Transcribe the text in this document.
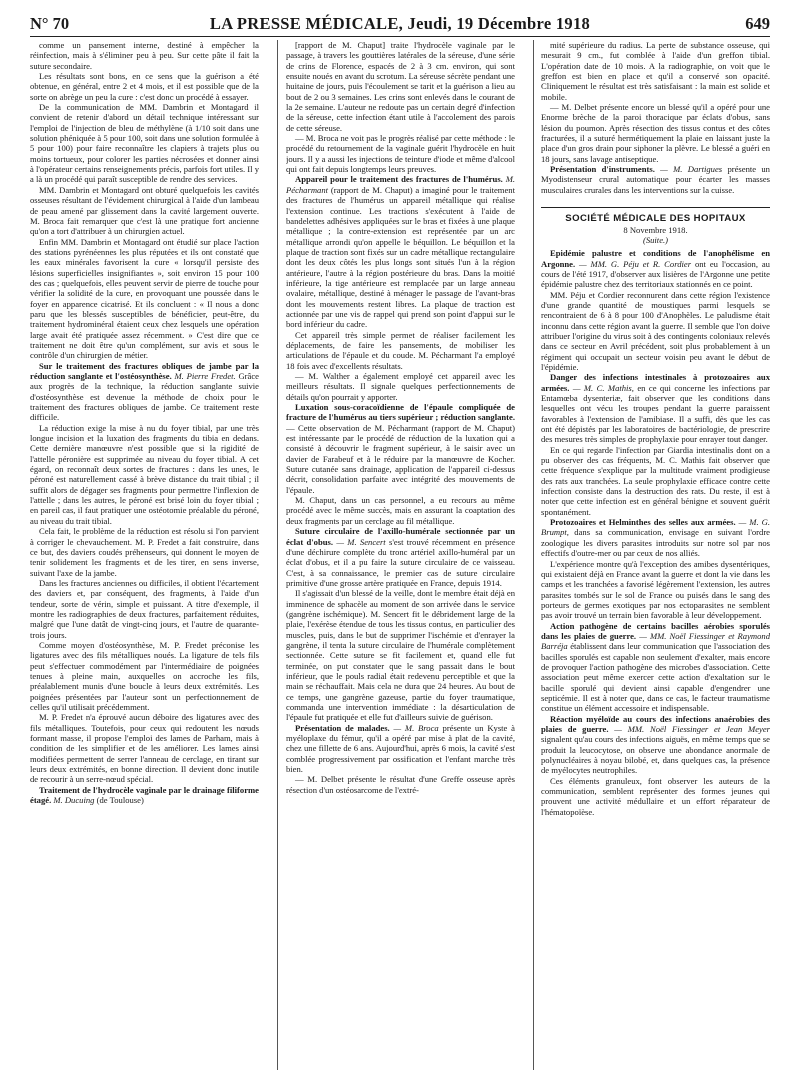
N° 70	LA PRESSE MÉDICALE, Jeudi, 19 Décembre 1918	649

comme un pansement interne, destiné à empêcher la réinfection, mais à s'éliminer peu à peu. Sur cette pâte il fait la suture secondaire.

Les résultats sont bons, en ce sens que la guérison a été obtenue, en général, entre 2 et 4 mois, et il est possible que de la sorte on abrège un peu la cure : c'est donc un procédé à essayer.

De la communication de MM. Dambrin et Montagard il convient de retenir d'abord un détail technique intéressant sur l'emploi de l'injection de bleu de méthylène (à 1/10 soit dans une solution phéniquée à 5 pour 100, soit dans une solution formulée à 5 pour 100) pour faire reconnaître les clapiers à trajets plus ou moins tortueux, pour colorer les parties nécrosées et donner ainsi à l'opérateur certains renseignements précis, parfois fort utiles. Il y a là un procédé qui paraît susceptible de rendre des services.

MM. Dambrin et Montagard ont obturé quelquefois les cavités osseuses résultant de l'évidement chirurgical à l'aide d'un lambeau de peau amené par glissement dans la cavité largement ouverte. M. Broca fait remarquer que c'est là une pratique fort ancienne qu'on a tort d'attribuer à un chirurgien actuel.

Enfin MM. Dambrin et Montagard ont étudié sur place l'action des stations pyrénéennes les plus réputées et ils ont constaté que les eaux minérales favorisent la cure « lorsqu'il persiste des lésions superficielles insignifiantes », soit environ 15 pour 100 des cas ; quelquefois, elles peuvent servir de pierre de touche pour vérifier la solidité de la cure, en provoquant une poussée dans le foyer en apparence cicatrisé. Et ils concluent : « Il nous a donc paru que les blessés susceptibles de bénéficier, peut-être, du traitement hydrominéral étaient ceux chez lesquels une opération large avait été pratiquée assez récemment. » C'est dire que ce traitement ne doit être qu'un complément, sur avis et sous le contrôle d'un chirurgien de métier.

Sur le traitement des fractures obliques de jambe par la réduction sanglante et l'ostéosynthèse. M. Pierre Fredet. Grâce aux progrès de la technique, la réduction sanglante suivie d'ostéosynthèse est devenue la méthode de choix pour le traitement des fractures obliques de jambe. Ce traitement reste difficile.

La réduction exige la mise à nu du foyer tibial, par une très longue incision et la luxation des fragments du tibia en dedans. Cette dernière manœuvre n'est possible que si la rigidité de l'attelle péronière est supprimée au niveau du foyer tibial. A cet égard, on reconnaît deux sortes de fractures : dans les unes, le péroné est naturellement cassé à brève distance du trait tibial ; il suffit alors de dégager ses fragments pour permettre l'inflexion de l'attelle ; dans les autres, le péroné est brisé loin du foyer tibial ; en pareil cas, il faut pratiquer une ostéotomie préalable du péroné, au niveau du trait tibial.

Cela fait, le problème de la réduction est résolu si l'on parvient à corriger le chevauchement. M. P. Fredet a fait construire, dans ce but, des daviers coudés préhenseurs, qui donnent le moyen de tenir solidement les fragments et de les tirer, en sens inverse, suivant l'axe de la jambe.

Dans les fractures anciennes ou difficiles, il obtient l'écartement des daviers et, par conséquent, des fragments, à l'aide d'un tendeur, sorte de vérin, simple et puissant. A titre d'exemple, il montre les radiographies de deux fractures, parfaitement réduites, malgré que l'une datât de vingt-cinq jours, et l'autre de quarante-trois jours.

Comme moyen d'ostéosynthèse, M. P. Fredet préconise les ligatures avec des fils métalliques noués. La ligature de tels fils peut s'effectuer commodément par l'intermédiaire de poignées tenues à pleine main, auxquelles on accroche les fils, préalablement munis d'une boucle à leurs deux extrémités. Les poignées présentées par l'auteur sont un perfectionnement de celles qu'il utilisait précédemment.

M. P. Fredet n'a éprouvé aucun déboire des ligatures avec des fils métalliques. Toutefois, pour ceux qui redoutent les nœuds formant masse, il propose l'emploi des lames de Parham, mais à condition de les simplifier et de les améliorer. Les lames ainsi modifiées permettent de serrer l'anneau de cerclage, en tirant sur leurs deux extrémités, en bonne direction. Il devient donc inutile de recourir à un serre-nœud spécial.

Traitement de l'hydrocèle vaginale par le drainage filiforme étagé. M. Ducuing (de Toulouse)

[rapport de M. Chaput] traite l'hydrocèle vaginale par le passage, à travers les gouttières latérales de la séreuse, d'une série de crins de Florence, espacés de 2 à 3 cm. environ, qui sont ensuite noués en avant du scrotum. La séreuse sécrète pendant une huitaine de jours, puis l'écoulement se tarit et la guérison a lieu au bout de 2 ou 3 semaines. Les crins sont enlevés dans le courant de la 2e semaine. L'auteur ne redoute pas un certain degré d'infection de la séreuse, cette infection étant utile à l'accolement des parois de cette séreuse.

— M. Broca ne voit pas le progrès réalisé par cette méthode : le procédé du retournement de la vaginale guérit l'hydrocèle en huit jours. Il y a aussi les injections de teinture d'iode et même d'alcool qui ont fait depuis longtemps leurs preuves.

Appareil pour le traitement des fractures de l'humérus. M. Pécharmant (rapport de M. Chaput) a imaginé pour le traitement des fractures de l'humérus un appareil métallique qui réalise l'extension continue. Les tractions s'exécutent à l'aide de bandelettes adhésives appliquées sur le bras et fixées à une plaque métallique ; la contre-extension est représentée par un arc métallique arrondi qu'on appelle le béquillon. Le béquillon et la plaque de traction sont fixés sur un cadre métallique rectangulaire dont les deux côtés les plus longs sont situés l'un à la région antérieure, l'autre à la région postérieure du bras. Dans la moitié inférieure, la tige antérieure est remplacée par un large anneau ovalaire, métallique, destiné à ménager le passage de l'avant-bras dont les mouvements restent libres. La plaque de traction est actionnée par une vis de rappel qui prend son point d'appui sur le bord inférieur du cadre.

Cet appareil très simple permet de réaliser facilement les déplacements, de faire les pansements, de mobiliser les articulations de l'épaule et du coude. M. Pécharmant l'a employé 18 fois avec d'excellents résultats.

— M. Walther a également employé cet appareil avec les meilleurs résultats. Il signale quelques perfectionnements de détails qu'on pourrait y apporter.

Luxation sous-coracoïdienne de l'épaule compliquée de fracture de l'humérus au tiers supérieur ; réduction sanglante. — Cette observation de M. Pécharmant (rapport de M. Chaput) est intéressante par le procédé de réduction de la luxation qui a consisté à découvrir le fragment supérieur, à le saisir avec un davier de Farabeuf et à le réduire par la manœuvre de Kocher. Suture cutanée sans drainage, application de l'appareil ci-dessus décrit, consolidation parfaite avec intégrité des mouvements de l'épaule.

M. Chaput, dans un cas personnel, a eu recours au même procédé avec le même succès, mais en assurant la coaptation des deux fragments par un cerclage au fil métallique.

Suture circulaire de l'axillo-humérale sectionnée par un éclat d'obus. — M. Sencert s'est trouvé récemment en présence d'une déchirure complète du tronc artériel axillo-huméral par un éclat d'obus, et il a pu faire la suture circulaire de ce vaisseau. C'est, à sa connaissance, le premier cas de suture circulaire primitive d'une grosse artère pratiquée en France, depuis 1914.

Il s'agissait d'un blessé de la veille, dont le membre était déjà en imminence de sphacèle au moment de son arrivée dans le service (gangrène ischémique). M. Sencert fit le débridement large de la plaie, l'exérèse étendue de tous les tissus contus, en particulier des muscles, puis, dans le but de supprimer l'ischémie et d'enrayer la gangrène, il tenta la suture circulaire de l'humérale complètement sectionnée. Cette suture se fit facilement et, quand elle fut terminée, on put constater que le sang passait dans le bout inférieur, que le pouls radial était redevenu perceptible et que la main se réchauffait. Mais cela ne dura que 24 heures. Au bout de ce temps, une gangrène gazeuse, partie du foyer traumatique, commanda une intervention immédiate : la désarticulation de l'épaule fut pratiquée et elle fut d'ailleurs suivie de guérison.

Présentation de malades. — M. Broca présente un Kyste à myéloplaxe du fémur, qu'il a opéré par mise à plat de la cavité, chez une fillette de 6 ans. Aujourd'hui, après 6 mois, la cavité s'est comblée progressivement par ossification et l'enfant marche très bien.

— M. Delbet présente le résultat d'une Greffe osseuse après résection d'un ostéosarcome de l'extré-

mité supérieure du radius. La perte de substance osseuse, qui mesurait 9 cm., fut comblée à l'aide d'un greffon tibial. L'opération date de 10 mois. A la radiographie, on voit que le greffon est bien en place et qu'il a conservé son opacité. Cliniquement le résultat est très satisfaisant : la main est solide et mobile.

— M. Delbet présente encore un blessé qu'il a opéré pour une Enorme brèche de la paroi thoracique par éclats d'obus, sans lésion du poumon. Après résection des tissus contus et des côtes fracturées, il a suturé hermétiquement la plaie en laissant juste la place d'un gros drain pour siphoner la plèvre. Le blessé a guéri en 18 jours, sans lavage antiseptique.

Présentation d'instruments. — M. Dartigues présente un Myodistenseur crural automatique pour écarter les masses musculaires crurales dans les interventions sur la cuisse.

SOCIÉTÉ MÉDICALE DES HOPITAUX

8 Novembre 1918.

(Suite.)

Epidémie palustre et conditions de l'anophélisme en Argonne. — MM. G. Péju et R. Cordier ont eu l'occasion, au cours de l'été 1917, d'observer aux lisières de l'Argonne une petite épidémie palustre chez des territoriaux stationnés en ce point.

MM. Péju et Cordier reconnurent dans cette région l'existence d'une grande quantité de moustiques parmi lesquels se rencontraient de 6 à 8 pour 100 d'Anophèles. Le paludisme était inconnu dans cette région avant la guerre. Il semble que l'on doive attribuer l'origine du virus soit à des contingents coloniaux relevés dans ce secteur en Avril précédent, soit plus probablement à un régiment qui occupait un secteur voisin peu avant le début de l'épidémie.

Danger des infections intestinales à protozoaires aux armées. — M. C. Mathis, en ce qui concerne les infections par Entamœba dysenteriæ, fait observer que les conditions dans lesquelles ont vécu les troupes pendant la guerre paraissent favorables à l'extension de l'amibiase. Il a suffi, dès que les cas ont été dépistés par les laboratoires de bactériologie, de prescrire des mesures très simples de prophylaxie pour enrayer tout danger.

En ce qui regarde l'infection par Giardia intestinalis dont on a pu observer des cas fréquents, M. C. Mathis fait observer que cette fréquence s'explique par la multitude vraiment prodigieuse des rats aux tranchées. La seule prophylaxie efficace contre cette infection consiste dans la destruction des rats. Du reste, il est à noter que cette infection est en général bénigne et souvent guérit spontanément.

Protozoaires et Helminthes des selles aux armées. — M. G. Brumpt, dans sa communication, envisage en suivant l'ordre zoologique les divers parasites introduits sur notre sol par nos effectifs d'outre-mer ou par ceux de nos alliés.

L'expérience montre qu'à l'exception des amibes dysentériques, qui existaient déjà en France avant la guerre et dont la vie dans les camps et les tranchées a favorisé légèrement l'extension, les autres parasites tombés sur le sol de France ou puisés dans le sang des porteurs de germes exotiques par nos ectoparasites ne semblent pas avoir trouvé un terrain bien favorable à leur développement.

Action pathogène de certains bacilles aérobies sporulés dans les plaies de guerre. — MM. Noël Fiessinger et Raymond Barréja établissent dans leur communication que l'association des bacilles sporulés est capable non seulement d'exalter, mais encore de provoquer l'action pathogène des microbes d'association. Cette association peut même exercer cette action d'exaltation sur le bacille sporulé qui devient ainsi capable d'engendrer une septicémie. Il est à noter que, dans ce cas, le facteur traumatisme constitue un élément accessoire et indispensable.

Réaction myéloïde au cours des infections anaérobies des plaies de guerre. — MM. Noël Fiessinger et Jean Meyer signalent qu'au cours des infections aiguës, en même temps que se produit la leucocytose, on observe une abondance anormale de polynucléaires à noyau bilobé, et, dans quelques cas, la présence de myélocytes neutrophiles.

Ces éléments granuleux, font observer les auteurs de la communication, semblent représenter des formes jeunes qui prouvent une activité médullaire et un effort réparateur de l'hématopoïèse.
